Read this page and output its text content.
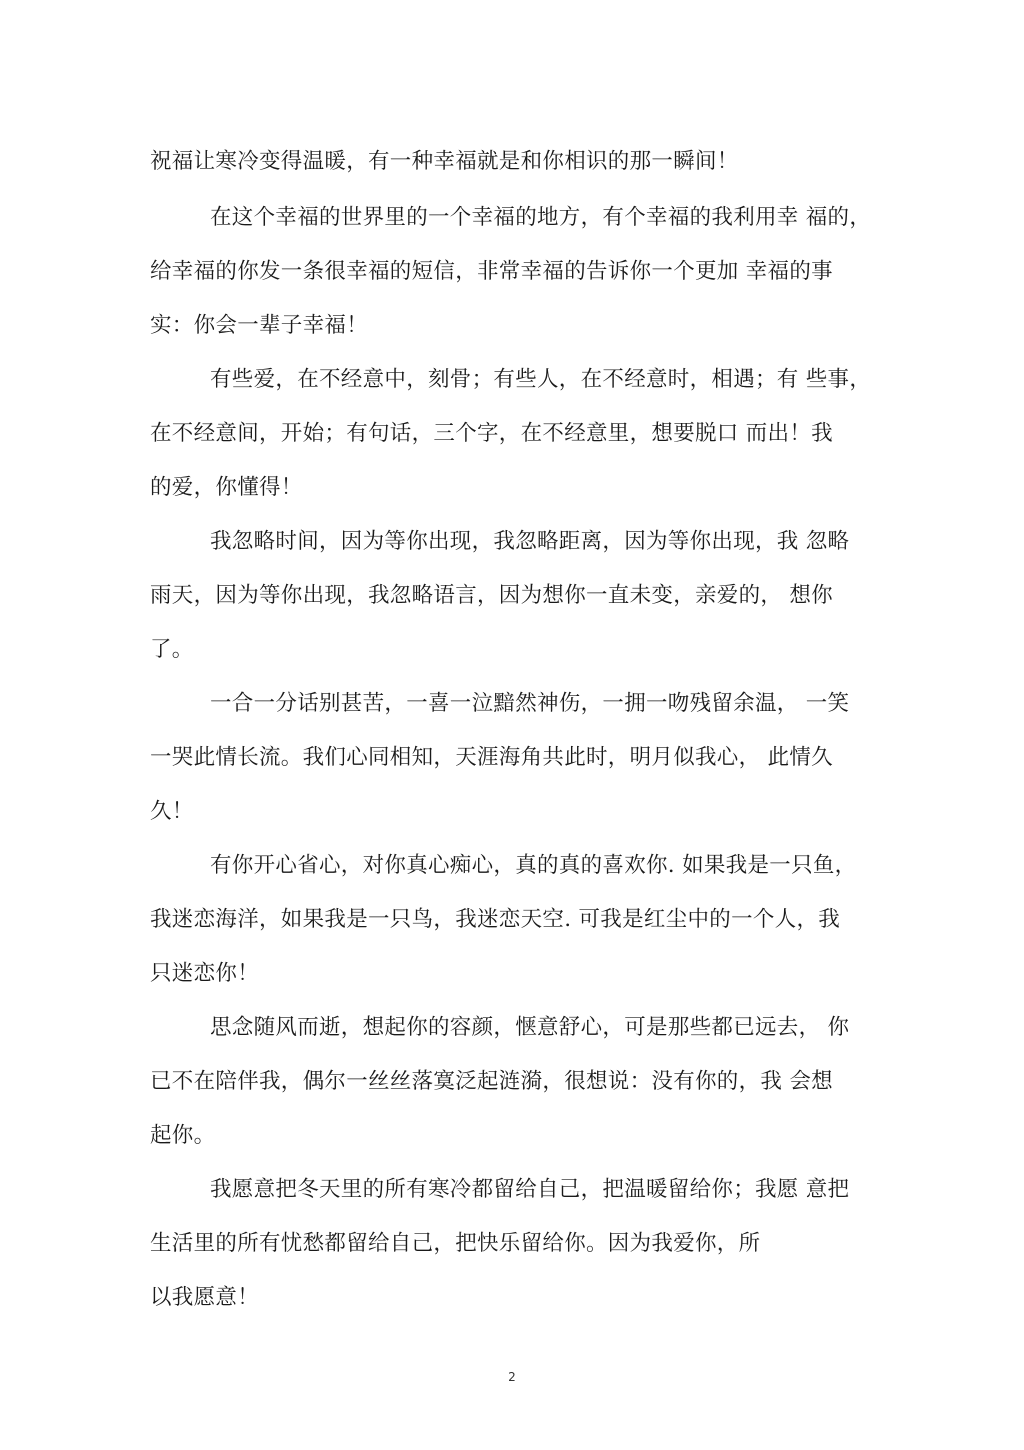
祝福让寒冷变得温暖，有一种幸福就是和你相识的那一瞬间！
在这个幸福的世界里的一个幸福的地方，有个幸福的我利用幸 福的，
给幸福的你发一条很幸福的短信，非常幸福的告诉你一个更加 幸福的事
实：你会一辈子幸福！
有些爱，在不经意中，刻骨；有些人，在不经意时，相遇；有 些事，
在不经意间，开始；有句话，三个字，在不经意里，想要脱口 而出！我
的爱，你懂得！
我忽略时间，因为等你出现，我忽略距离，因为等你出现，我 忽略
雨天，因为等你出现，我忽略语言，因为想你一直未变，亲爱的， 想你
了。
一合一分话别甚苦，一喜一泣黯然神伤，一拥一吻残留余温， 一笑
一哭此情长流。我们心同相知，天涯海角共此时，明月似我心， 此情久
久！
有你开心省心，对你真心痴心，真的真的喜欢你. 如果我是一只鱼，
我迷恋海洋，如果我是一只鸟，我迷恋天空. 可我是红尘中的一个人，我
只迷恋你！
思念随风而逝，想起你的容颜，惬意舒心，可是那些都已远去， 你
已不在陪伴我，偶尔一丝丝落寞泛起涟漪，很想说：没有你的，我 会想
起你。
我愿意把冬天里的所有寒冷都留给自己，把温暖留给你；我愿 意把
生活里的所有忧愁都留给自己，把快乐留给你。因为我爱你，所
以我愿意！
2
